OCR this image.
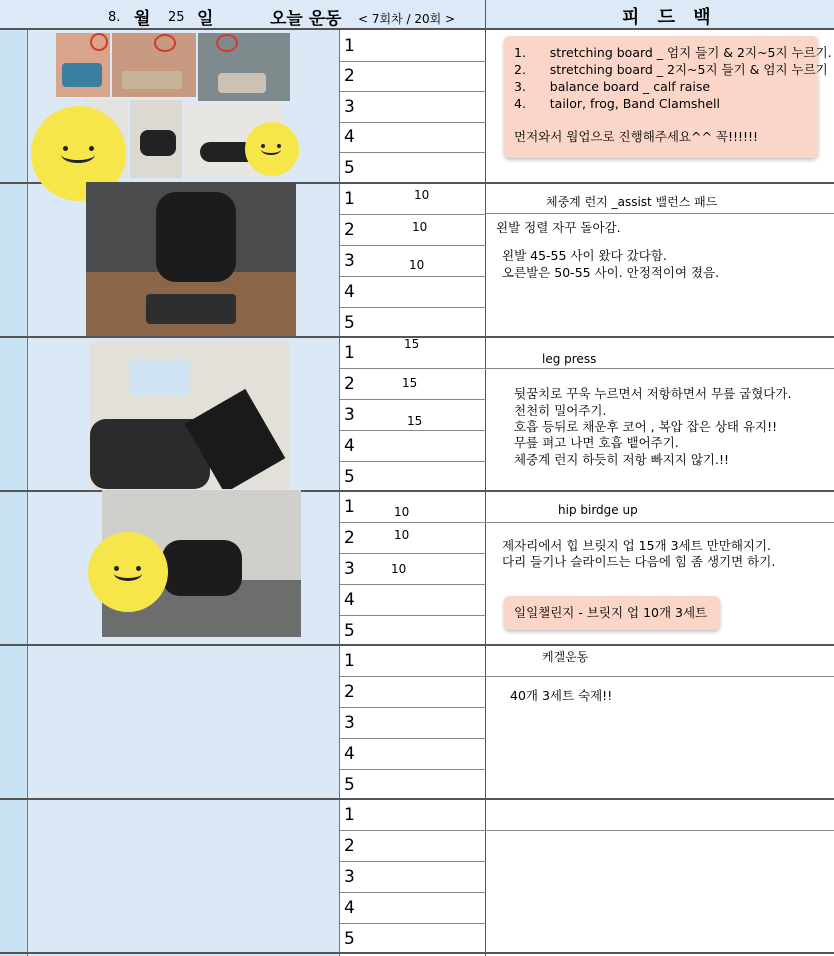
8. 월 25 일	오늘 운동 < 7회차 / 20회 >	피 드 백
1
2
3
4
5
1.      stretching board _ 엄지 들기 & 2지~5지 누르기.
2.      stretching board _ 2지~5지 들기 & 엄지 누르기
3.      balance board _ calf raise
4.      tailor, frog, Band Clamshell
먼저와서 웜업으로 진행해주세요^^ 꼭!!!!!!
1
2
3
4
5
10
10
10
체중계 런지 _assist 밸런스 패드
왼발 정렬 자꾸 돌아감.
왼발 45-55 사이 왔다 갔다함.
오른발은 50-55 사이. 안정적이여 졌음.
1
2
3
4
5
15
15
15
leg press
뒷꿈치로 꾸욱 누르면서 저항하면서 무릎 굽혔다가.
천천히 밀어주기.
호흡 등뒤로 채운후 코어 , 복압 잡은 상태 유지!!
무릎 펴고 나면 호흡 뱉어주기.
체중계 런지 하듯히 저항 빠지지 않기.!!
1
2
3
4
5
10
10
10
hip birdge up
제자리에서 힙 브릿지 업 15개 3세트 만만해지기.
다리 들기나 슬라이드는 다음에 힘 좀 생기면 하기.
일일챌린지 - 브릿지 업 10개 3세트
1
2
3
4
5
케겔운동
40개 3세트 숙제!!
1
2
3
4
5
